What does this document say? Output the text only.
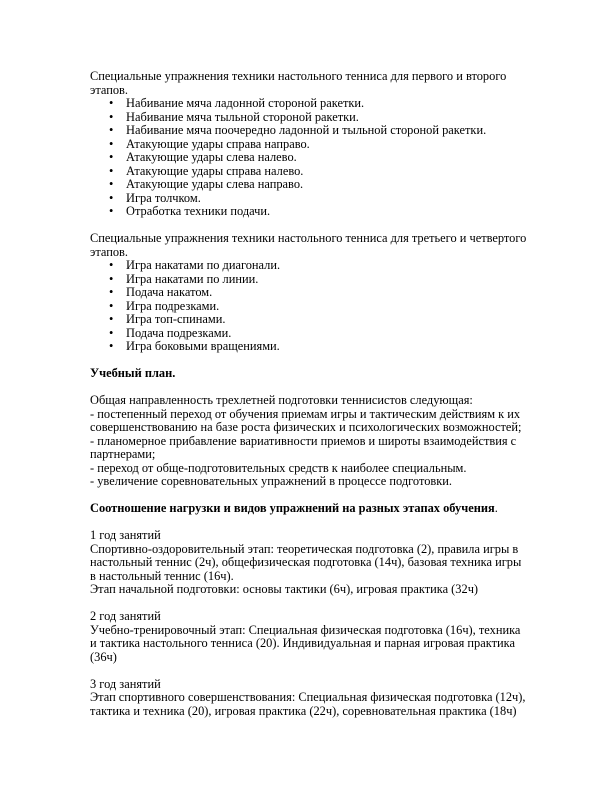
Специальные упражнения техники настольного тенниса для первого и второго этапов.

• Набивание мяча ладонной стороной ракетки.
• Набивание мяча тыльной стороной ракетки.
• Набивание мяча поочередно ладонной и тыльной стороной ракетки.
• Атакующие удары справа направо.
• Атакующие удары слева налево.
• Атакующие удары справа налево.
• Атакующие удары слева направо.
• Игра толчком.
• Отработка техники подачи.

Специальные упражнения техники настольного тенниса для третьего и четвертого этапов.

• Игра накатами по диагонали.
• Игра накатами по линии.
• Подача накатом.
• Игра подрезками.
• Игра топ-спинами.
• Подача подрезками.
• Игра боковыми вращениями.

Учебный план.

Общая направленность трехлетней подготовки теннисистов следующая:

- постепенный переход от обучения приемам игры и тактическим действиям к их совершенствованию на базе роста физических и психологических возможностей;

- планомерное прибавление вариативности приемов и широты взаимодействия с партнерами;

- переход от обще-подготовительных средств к наиболее специальным.

- увеличение соревновательных упражнений в процессе подготовки.

Соотношение нагрузки и видов упражнений на разных этапах обучения.

1 год занятий

Спортивно-оздоровительный этап: теоретическая подготовка (2), правила игры в настольный теннис (2ч), общефизическая подготовка (14ч), базовая техника игры в настольный теннис (16ч).

Этап начальной подготовки: основы тактики (6ч), игровая практика (32ч)

2 год занятий

Учебно-тренировочный этап: Специальная физическая подготовка (16ч), техника и тактика настольного тенниса (20). Индивидуальная и парная игровая практика (36ч)

3 год занятий

Этап спортивного совершенствования: Специальная физическая подготовка (12ч), тактика и техника (20), игровая практика (22ч), соревновательная практика (18ч)
